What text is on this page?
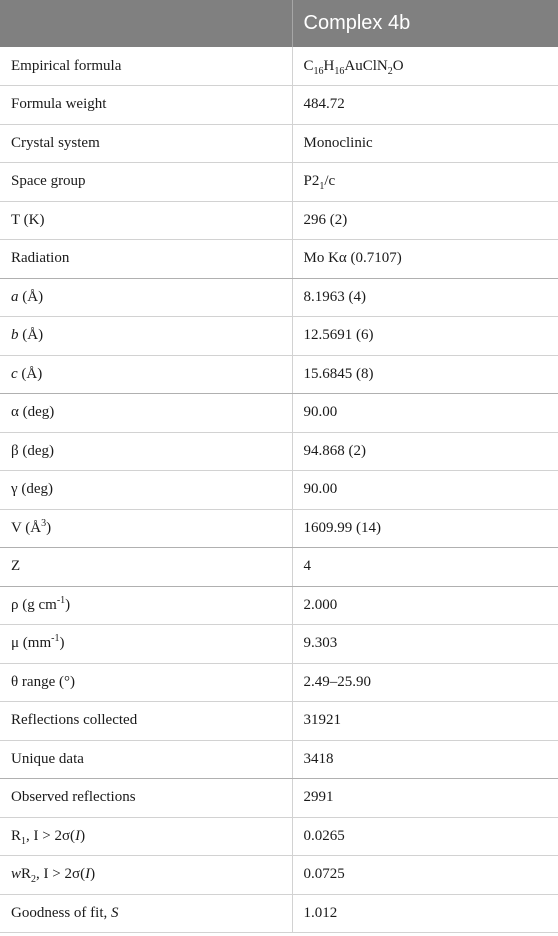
	Complex 4b
Empirical formula	$C_{16}H_{16}AuClN_2O$
Formula weight	484.72
Crystal system	Monoclinic
Space group	$P2_1/c$
T (K)	296 (2)
Radiation	Mo Kα (0.7107)
a (Å)	8.1963 (4)
b (Å)	12.5691 (6)
c (Å)	15.6845 (8)
α (deg)	90.00
β (deg)	94.868 (2)
γ (deg)	90.00
V $(Å^3)$	1609.99 (14)
Z	4
ρ (g $cm^{-1}$)	2.000
μ $(mm^{-1})$	9.303
θ range (°)	2.49–25.90
Reflections collected	31921
Unique data	3418
Observed reflections	2991
$R_1$, I > 2σ(I)	0.0265
$wR_2$, I > 2σ(I)	0.0725
Goodness of fit, S	1.012
